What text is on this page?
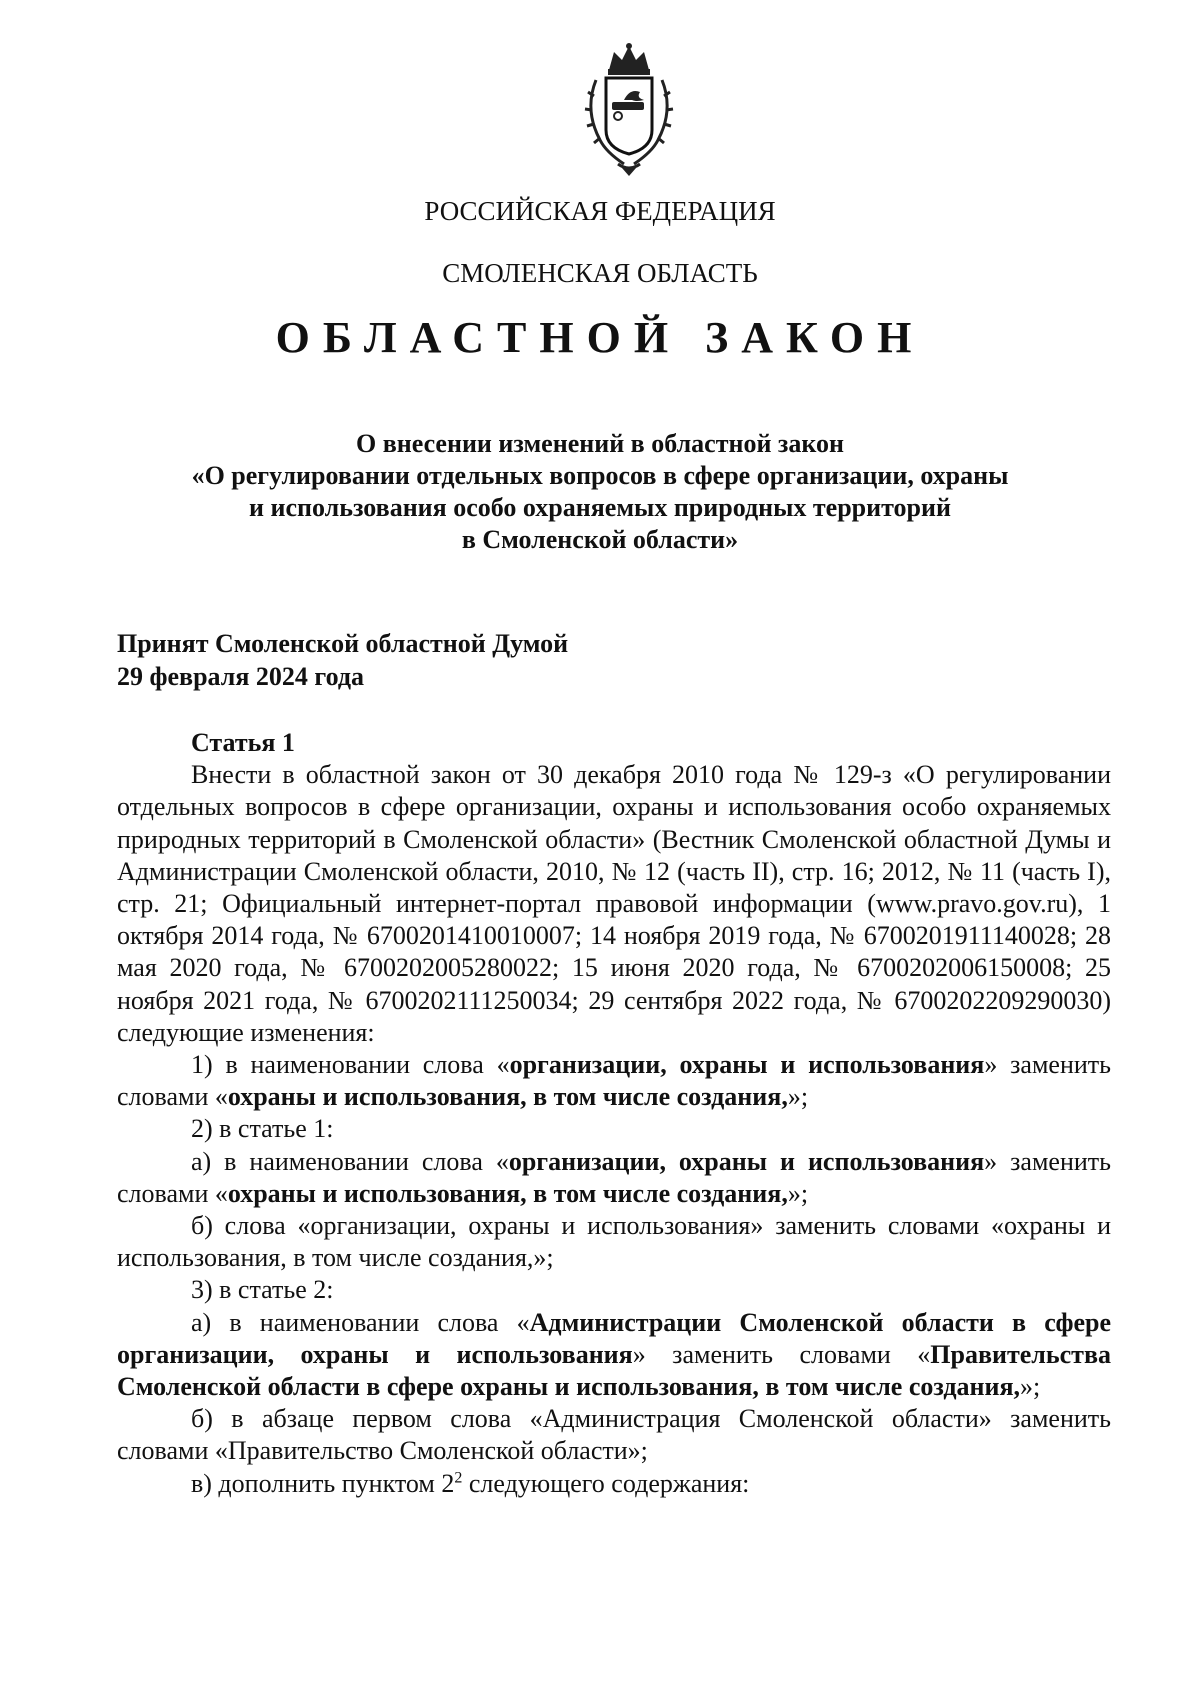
РОССИЙСКАЯ ФЕДЕРАЦИЯ
СМОЛЕНСКАЯ ОБЛАСТЬ
ОБЛАСТНОЙ ЗАКОН
О внесении изменений в областной закон
«О регулировании отдельных вопросов в сфере организации, охраны
и использования особо охраняемых природных территорий
в Смоленской области»
Принят Смоленской областной Думой
29 февраля 2024 года

Статья 1

Внести в областной закон от 30 декабря 2010 года № 129-з «О регулировании отдельных вопросов в сфере организации, охраны и использования особо охраняемых природных территорий в Смоленской области» (Вестник Смоленской областной Думы и Администрации Смоленской области, 2010, № 12 (часть II), стр. 16; 2012, № 11 (часть I), стр. 21; Официальный интернет-портал правовой информации (www.pravo.gov.ru), 1 октября 2014 года, № 6700201410010007; 14 ноября 2019 года, № 6700201911140028; 28 мая 2020 года, № 6700202005280022; 15 июня 2020 года, № 6700202006150008; 25 ноября 2021 года, № 6700202111250034; 29 сентября 2022 года, № 6700202209290030) следующие изменения:

1) в наименовании слова «организации, охраны и использования» заменить словами «охраны и использования, в том числе создания,»;

2) в статье 1:

а) в наименовании слова «организации, охраны и использования» заменить словами «охраны и использования, в том числе создания,»;

б) слова «организации, охраны и использования» заменить словами «охраны и использования, в том числе создания,»;

3) в статье 2:

а) в наименовании слова «Администрации Смоленской области в сфере организации, охраны и использования» заменить словами «Правительства Смоленской области в сфере охраны и использования, в том числе создания,»;

б) в абзаце первом слова «Администрация Смоленской области» заменить словами «Правительство Смоленской области»;

в) дополнить пунктом $2^2$ следующего содержания:
